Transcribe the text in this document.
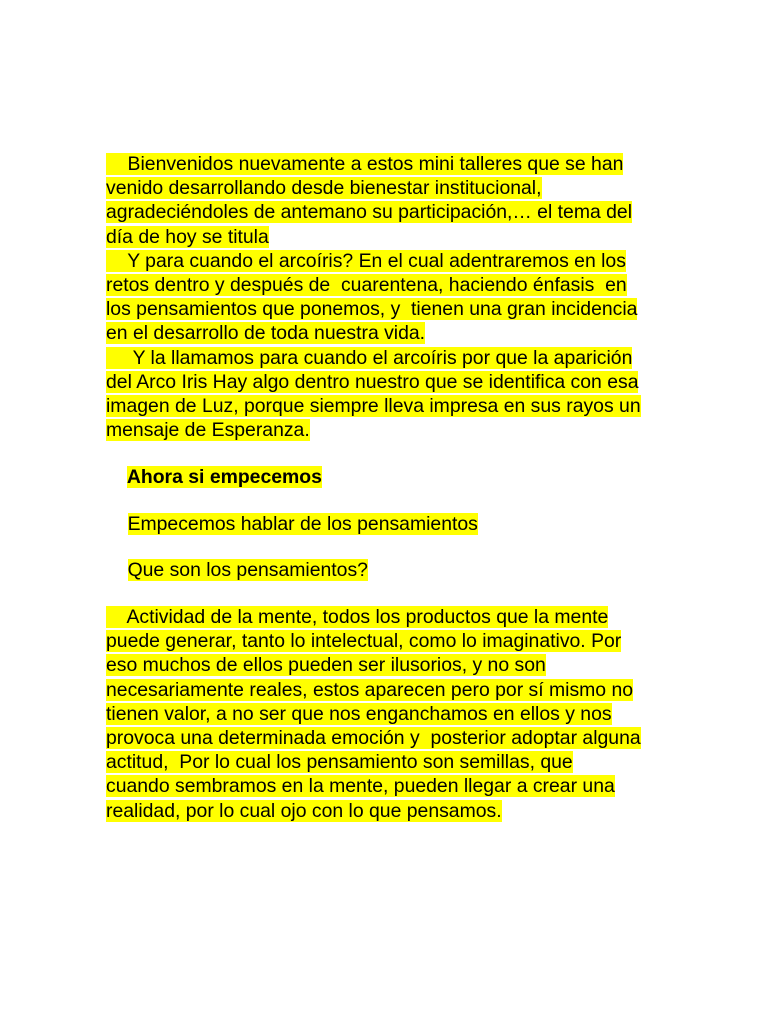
Bienvenidos nuevamente a estos mini talleres que se han
venido desarrollando desde bienestar institucional,
agradeciéndoles de antemano su participación,… el tema del
día de hoy se titula
Y para cuando el arcoíris? En el cual adentraremos en los
retos dentro y después de  cuarentena, haciendo énfasis  en
los pensamientos que ponemos, y  tienen una gran incidencia
en el desarrollo de toda nuestra vida.
Y la llamamos para cuando el arcoíris por que la aparición
del Arco Iris Hay algo dentro nuestro que se identifica con esa
imagen de Luz, porque siempre lleva impresa en sus rayos un
mensaje de Esperanza.
Ahora si empecemos
Empecemos hablar de los pensamientos
Que son los pensamientos?
Actividad de la mente, todos los productos que la mente
puede generar, tanto lo intelectual, como lo imaginativo. Por
eso muchos de ellos pueden ser ilusorios, y no son
necesariamente reales, estos aparecen pero por sí mismo no
tienen valor, a no ser que nos enganchamos en ellos y nos
provoca una determinada emoción y  posterior adoptar alguna
actitud,  Por lo cual los pensamiento son semillas, que
cuando sembramos en la mente, pueden llegar a crear una
realidad, por lo cual ojo con lo que pensamos.
